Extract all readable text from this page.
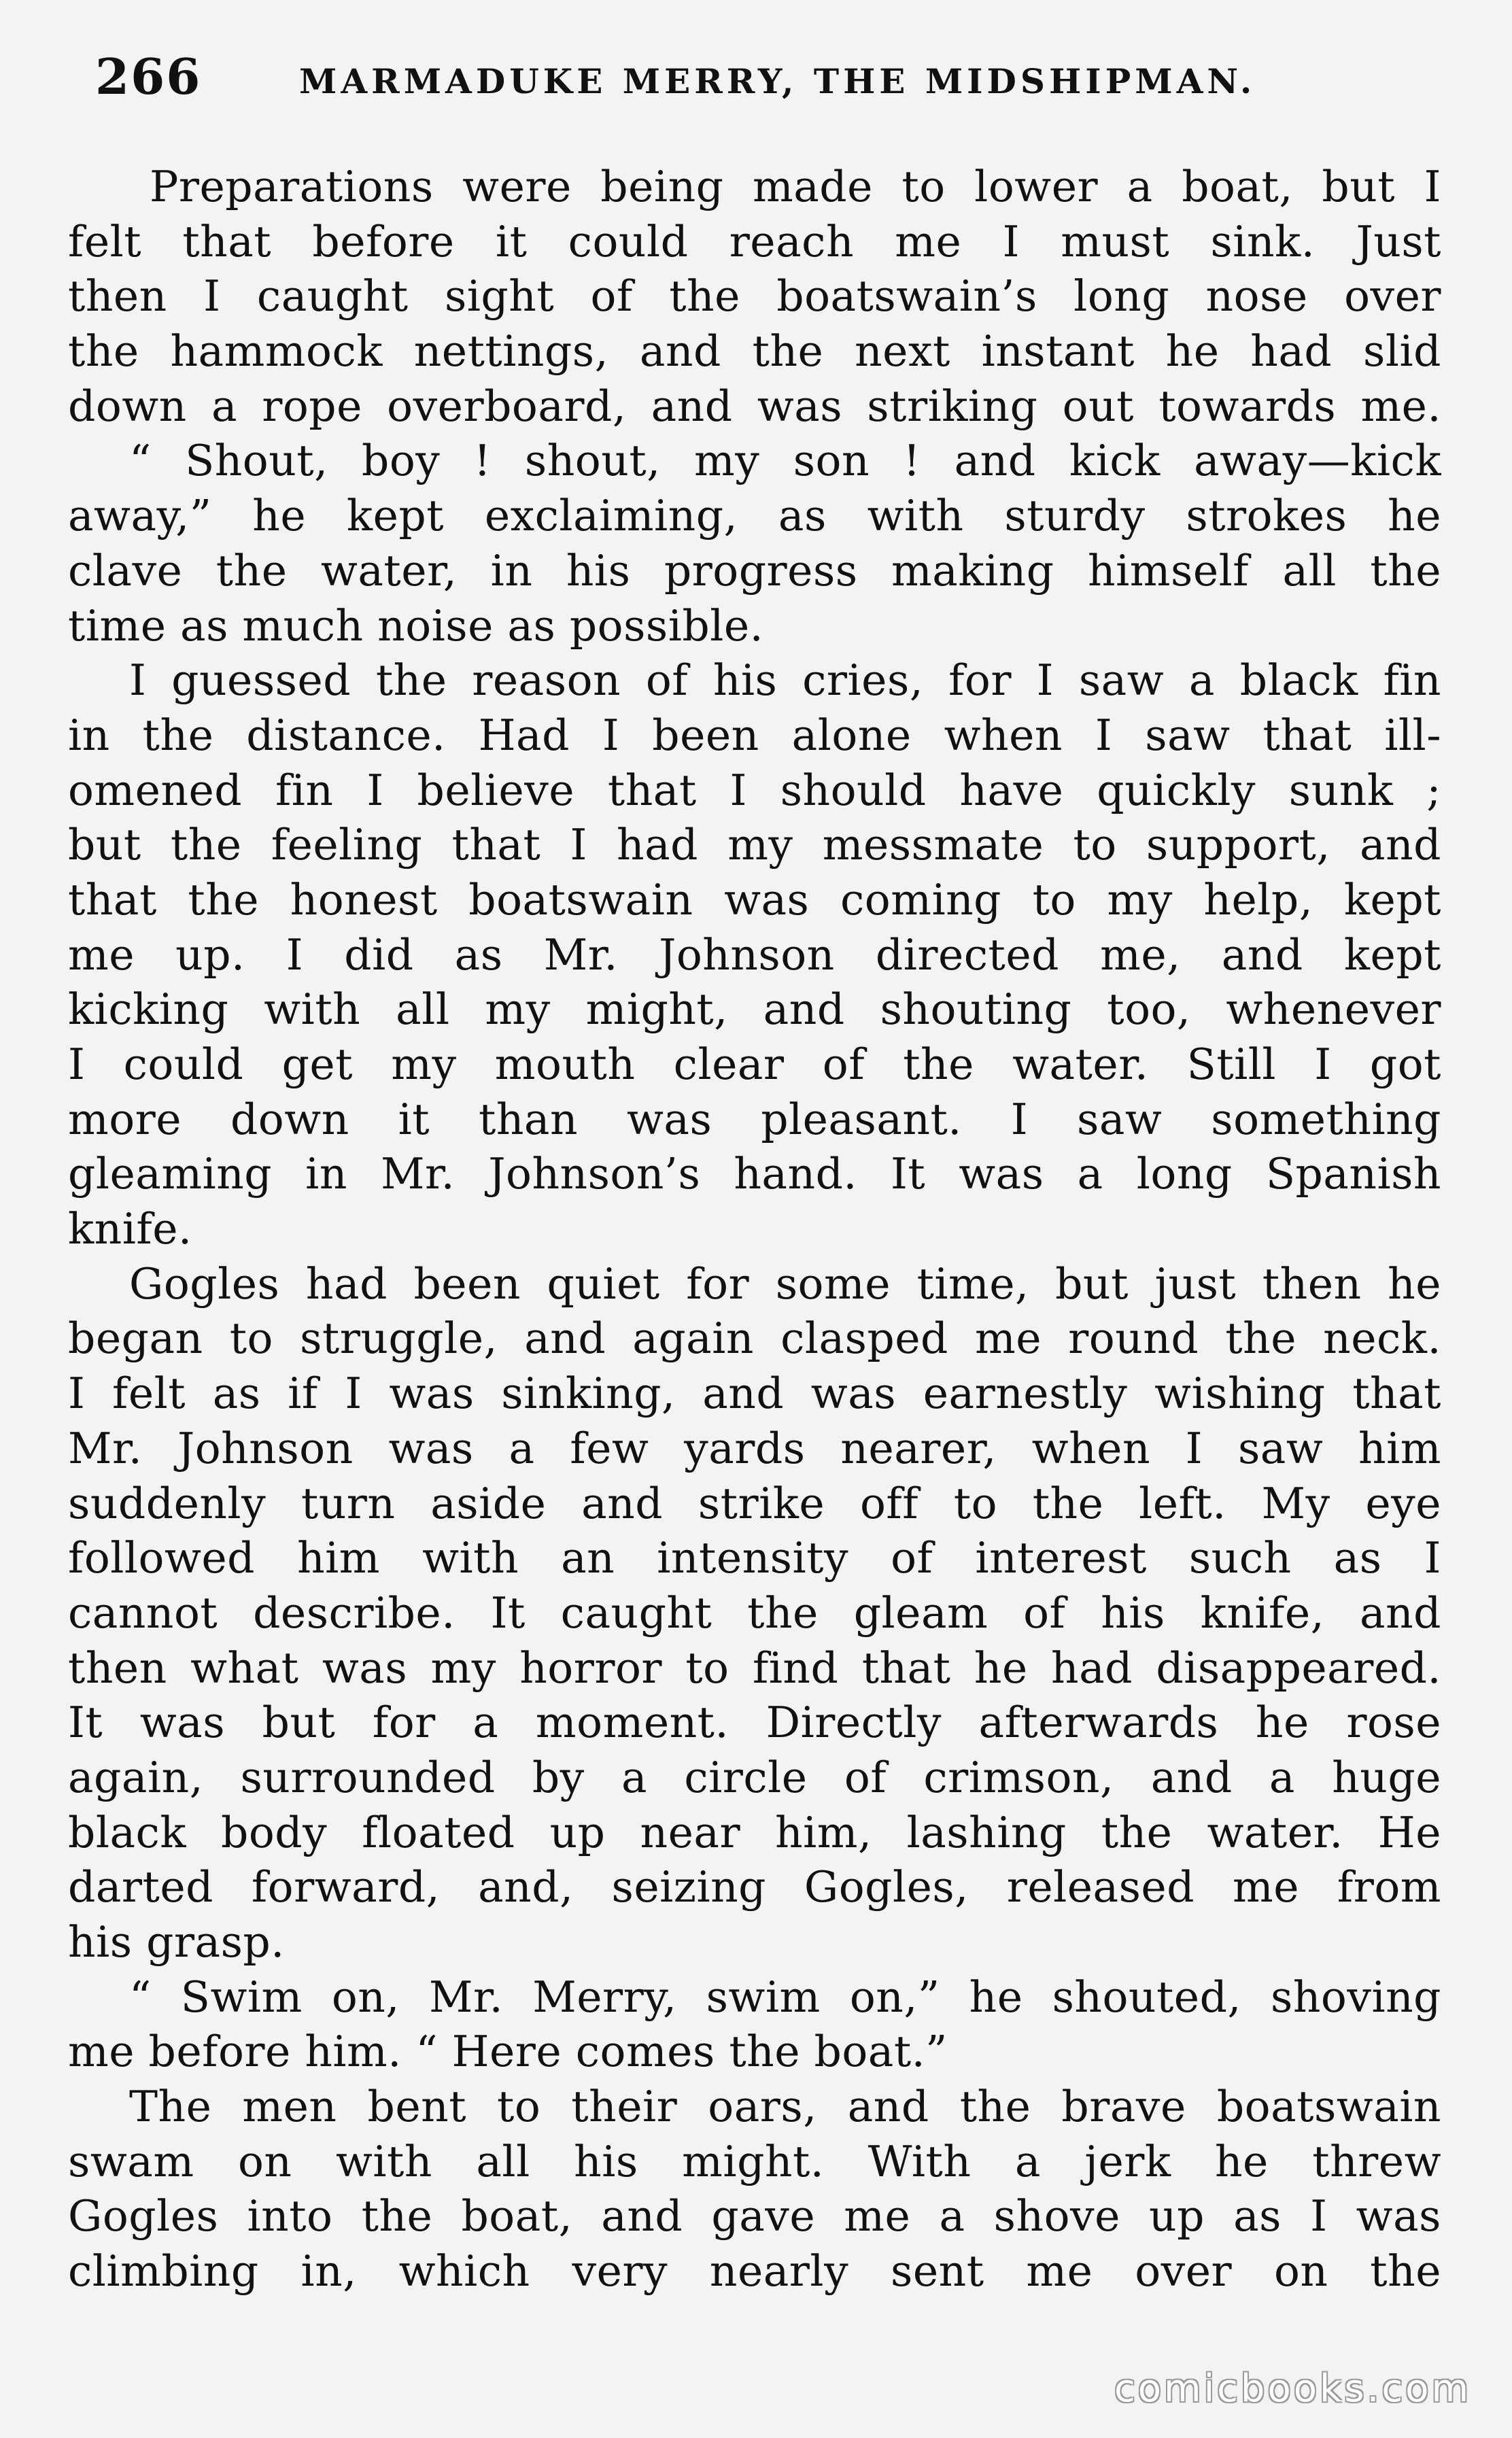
266	MARMADUKE MERRY, THE MIDSHIPMAN.
Preparations were being made to lower a boat, but I
felt that before it could reach me I must sink. Just
then I caught sight of the boatswain’s long nose over
the hammock nettings, and the next instant he had slid
down a rope overboard, and was striking out towards me.
“ Shout, boy ! shout, my son ! and kick away—kick
away,” he kept exclaiming, as with sturdy strokes he
clave the water, in his progress making himself all the
time as much noise as possible.
I guessed the reason of his cries, for I saw a black fin
in the distance. Had I been alone when I saw that ill-
omened fin I believe that I should have quickly sunk ;
but the feeling that I had my messmate to support, and
that the honest boatswain was coming to my help, kept
me up. I did as Mr. Johnson directed me, and kept
kicking with all my might, and shouting too, whenever
I could get my mouth clear of the water. Still I got
more down it than was pleasant. I saw something
gleaming in Mr. Johnson’s hand. It was a long Spanish
knife.
Gogles had been quiet for some time, but just then he
began to struggle, and again clasped me round the neck.
I felt as if I was sinking, and was earnestly wishing that
Mr. Johnson was a few yards nearer, when I saw him
suddenly turn aside and strike off to the left. My eye
followed him with an intensity of interest such as I
cannot describe. It caught the gleam of his knife, and
then what was my horror to find that he had disappeared.
It was but for a moment. Directly afterwards he rose
again, surrounded by a circle of crimson, and a huge
black body floated up near him, lashing the water. He
darted forward, and, seizing Gogles, released me from
his grasp.
“ Swim on, Mr. Merry, swim on,” he shouted, shoving
me before him. “ Here comes the boat.”
The men bent to their oars, and the brave boatswain
swam on with all his might. With a jerk he threw
Gogles into the boat, and gave me a shove up as I was
climbing in, which very nearly sent me over on the
comicbooks.com
